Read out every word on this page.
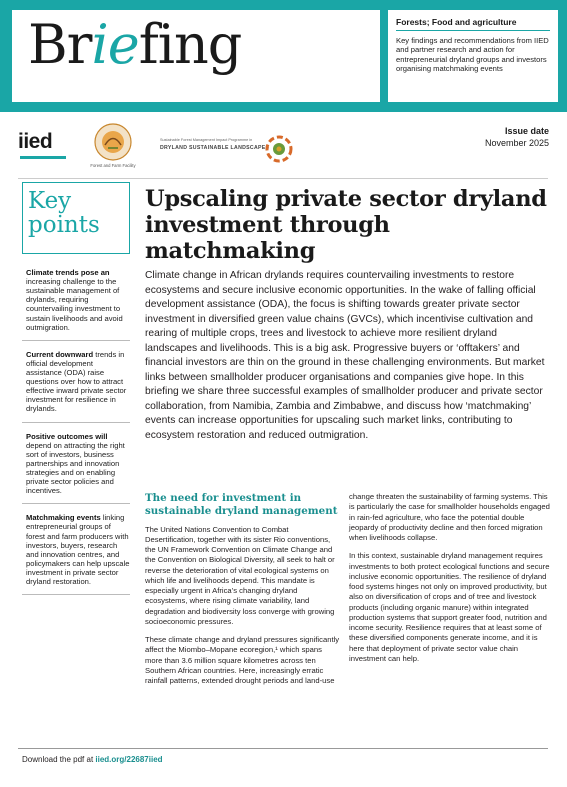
Briefing	Forests; Food and agriculture
Key findings and recommendations from IIED and partner research and action for entrepreneurial dryland groups and investors organising matchmaking events
iied
Forest and Farm Facility
Sustainable Forest Management Impact Programme in
DRYLAND SUSTAINABLE LANDSCAPES
Issue date
November 2025
Key
points
Climate trends pose an increasing challenge to the sustainable management of drylands, requiring countervailing investment to sustain livelihoods and avoid outmigration.
Current downward trends in official development assistance (ODA) raise questions over how to attract effective inward private sector investment for resilience in drylands.
Positive outcomes will depend on attracting the right sort of investors, business partnerships and innovation strategies and on enabling private sector policies and incentives.
Matchmaking events linking entrepreneurial groups of forest and farm producers with investors, buyers, research and innovation centres, and policymakers can help upscale investment in private sector dryland restoration.
Upscaling private sector dryland investment through matchmaking

Climate change in African drylands requires countervailing investments to restore ecosystems and secure inclusive economic opportunities. In the wake of falling official development assistance (ODA), the focus is shifting towards greater private sector investment in diversified green value chains (GVCs), which incentivise cultivation and rearing of multiple crops, trees and livestock to achieve more resilient dryland landscapes and livelihoods. This is a big ask. Progressive buyers or ‘offtakers’ and financial investors are thin on the ground in these challenging environments. But market links between smallholder producer organisations and companies give hope. In this briefing we share three successful examples of smallholder producer and private sector collaboration, from Namibia, Zambia and Zimbabwe, and discuss how ‘matchmaking’ events can increase opportunities for upscaling such market links, contributing to ecosystem restoration and reduced outmigration.

The need for investment in sustainable dryland management

The United Nations Convention to Combat Desertification, together with its sister Rio conventions, the UN Framework Convention on Climate Change and the Convention on Biological Diversity, all seek to halt or reverse the deterioration of vital ecological systems on which life and livelihoods depend. This mandate is especially urgent in Africa’s changing dryland ecosystems, where rising climate variability, land degradation and biodiversity loss converge with growing socioeconomic pressures.

These climate change and dryland pressures significantly affect the Miombo–Mopane ecoregion,¹ which spans more than 3.6 million square kilometres across ten Southern African countries. Here, increasingly erratic rainfall patterns, extended drought periods and land-use

change threaten the sustainability of farming systems. This is particularly the case for smallholder households engaged in rain-fed agriculture, who face the potential double jeopardy of productivity decline and then forced migration when livelihoods collapse.

In this context, sustainable dryland management requires investments to both protect ecological functions and secure inclusive economic opportunities. The resilience of dryland food systems hinges not only on improved productivity, but also on diversification of crops and of tree and livestock products (including organic manure) within integrated production systems that support greater food, nutrition and income security. Resilience requires that at least some of these diversified components generate income, and it is here that deployment of private sector value chain investment can help.

Download the pdf at iied.org/22687iied
